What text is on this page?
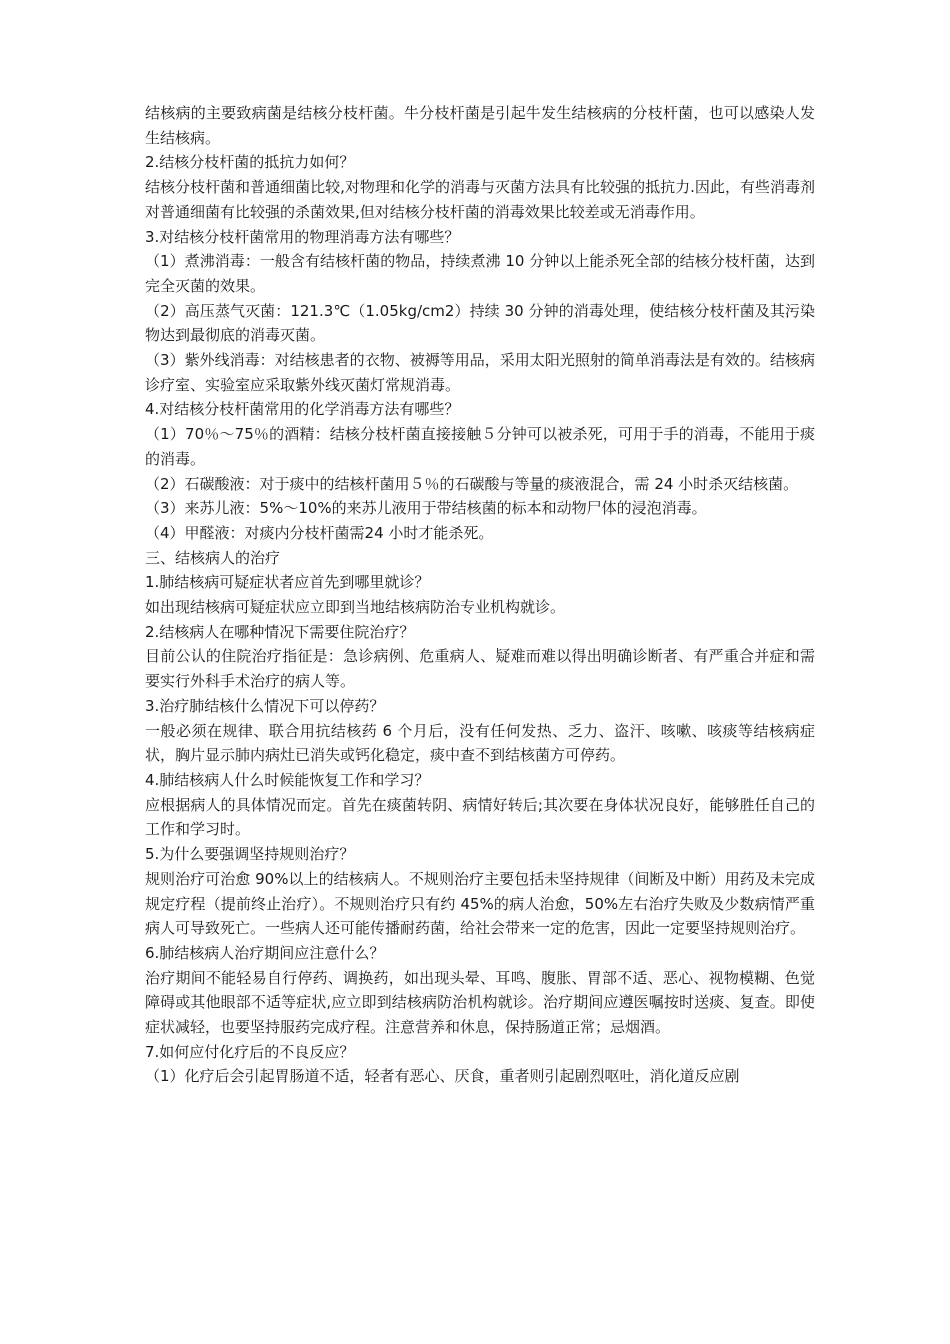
结核病的主要致病菌是结核分枝杆菌。牛分枝杆菌是引起牛发生结核病的分枝杆菌，也可以感染人发生结核病。

2.结核分枝杆菌的抵抗力如何？

结核分枝杆菌和普通细菌比较,对物理和化学的消毒与灭菌方法具有比较强的抵抗力.因此，有些消毒剂对普通细菌有比较强的杀菌效果,但对结核分枝杆菌的消毒效果比较差或无消毒作用。

3.对结核分枝杆菌常用的物理消毒方法有哪些？

（1）煮沸消毒：一般含有结核杆菌的物品，持续煮沸 10 分钟以上能杀死全部的结核分枝杆菌，达到完全灭菌的效果。

（2）高压蒸气灭菌：121.3℃（1.05kg/cm2）持续 30 分钟的消毒处理，使结核分枝杆菌及其污染物达到最彻底的消毒灭菌。

（3）紫外线消毒：对结核患者的衣物、被褥等用品，采用太阳光照射的简单消毒法是有效的。结核病诊疗室、实验室应采取紫外线灭菌灯常规消毒。

4.对结核分枝杆菌常用的化学消毒方法有哪些？

（1）70％～75％的酒精：结核分枝杆菌直接接触５分钟可以被杀死，可用于手的消毒，不能用于痰的消毒。

（2）石碳酸液：对于痰中的结核杆菌用５％的石碳酸与等量的痰液混合，需 24 小时杀灭结核菌。

（3）来苏儿液：5%～10%的来苏儿液用于带结核菌的标本和动物尸体的浸泡消毒。

（4）甲醛液：对痰内分枝杆菌需24 小时才能杀死。

三、结核病人的治疗

1.肺结核病可疑症状者应首先到哪里就诊？

如出现结核病可疑症状应立即到当地结核病防治专业机构就诊。

2.结核病人在哪种情况下需要住院治疗？

目前公认的住院治疗指征是：急诊病例、危重病人、疑难而难以得出明确诊断者、有严重合并症和需要实行外科手术治疗的病人等。

3.治疗肺结核什么情况下可以停药？

一般必须在规律、联合用抗结核药 6 个月后，没有任何发热、乏力、盗汗、咳嗽、咳痰等结核病症状，胸片显示肺内病灶已消失或钙化稳定，痰中查不到结核菌方可停药。

4.肺结核病人什么时候能恢复工作和学习？

应根据病人的具体情况而定。首先在痰菌转阴、病情好转后;其次要在身体状况良好，能够胜任自己的工作和学习时。

5.为什么要强调坚持规则治疗？

规则治疗可治愈 90%以上的结核病人。不规则治疗主要包括未坚持规律（间断及中断）用药及未完成规定疗程（提前终止治疗）。不规则治疗只有约 45%的病人治愈，50%左右治疗失败及少数病情严重病人可导致死亡。一些病人还可能传播耐药菌，给社会带来一定的危害，因此一定要坚持规则治疗。

6.肺结核病人治疗期间应注意什么？

治疗期间不能轻易自行停药、调换药，如出现头晕、耳鸣、腹胀、胃部不适、恶心、视物模糊、色觉障碍或其他眼部不适等症状,应立即到结核病防治机构就诊。治疗期间应遵医嘱按时送痰、复查。即使症状减轻，也要坚持服药完成疗程。注意营养和休息，保持肠道正常；忌烟酒。

7.如何应付化疗后的不良反应？

（1）化疗后会引起胃肠道不适，轻者有恶心、厌食，重者则引起剧烈呕吐，消化道反应剧
